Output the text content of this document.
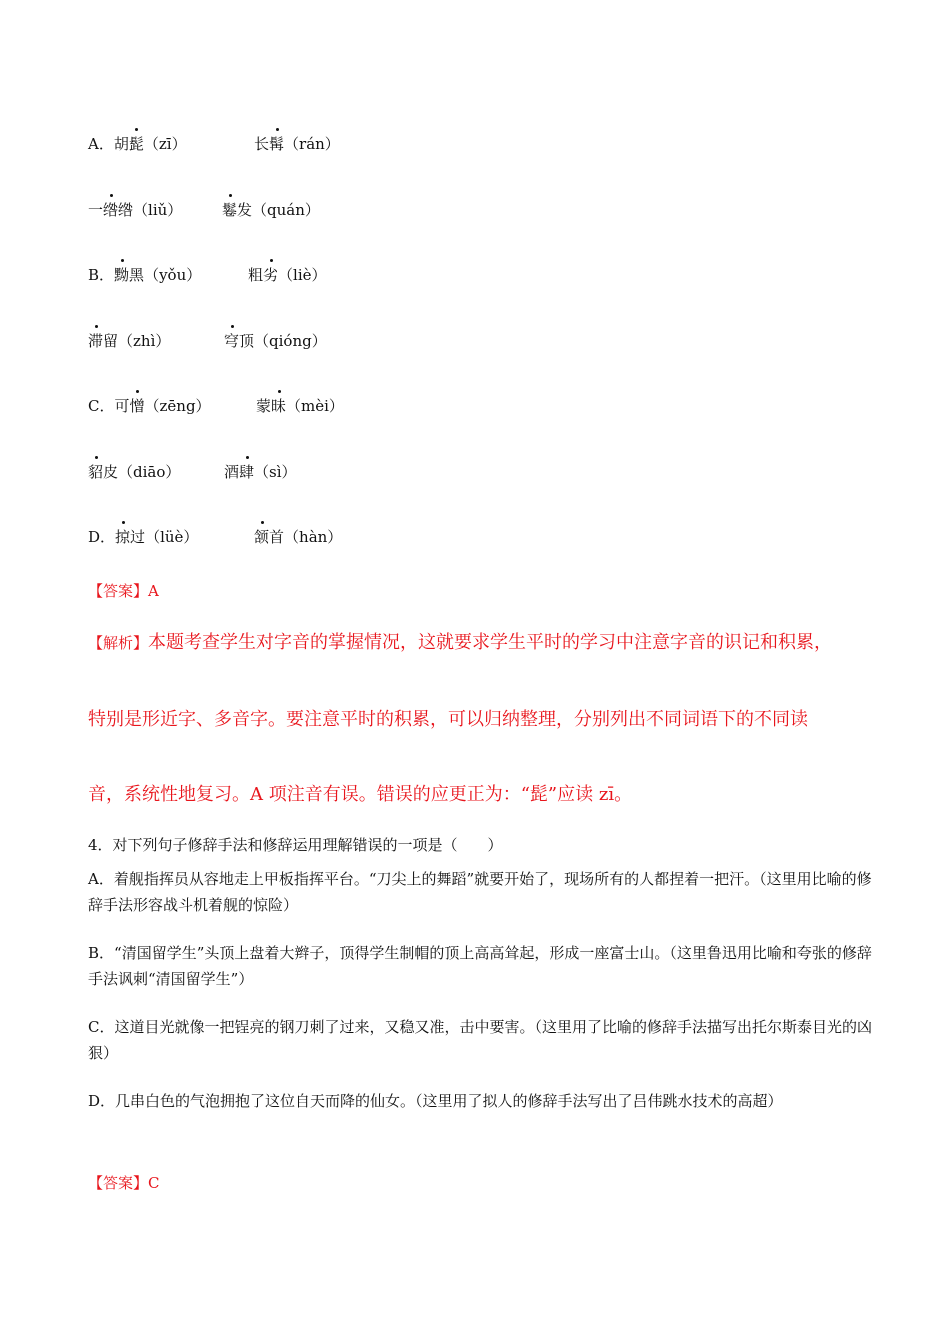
A．胡髭（zī）	长髯（rán）
一绺绺（liǔ）	鬈发（quán）
B．黝黑（yǒu）	粗劣（liè）
滞留（zhì）	穹顶（qióng）
C．可憎（zēng）	蒙昧（mèi）
貂皮（diāo）	酒肆（sì）
D．掠过（lüè）	颔首（hàn）
【答案】A
【解析】本题考查学生对字音的掌握情况，这就要求学生平时的学习中注意字音的识记和积累，
特别是形近字、多音字。要注意平时的积累，可以归纳整理，分别列出不同词语下的不同读
音，系统性地复习。A 项注音有误。错误的应更正为：“髭”应读 zī。
4．对下列句子修辞手法和修辞运用理解错误的一项是（　　）
A．着舰指挥员从容地走上甲板指挥平台。“刀尖上的舞蹈”就要开始了，现场所有的人都捏着一把汗。（这里用比喻的修辞手法形容战斗机着舰的惊险）
B．“清国留学生”头顶上盘着大辫子，顶得学生制帽的顶上高高耸起，形成一座富士山。（这里鲁迅用比喻和夸张的修辞手法讽刺“清国留学生”）
C．这道目光就像一把锃亮的钢刀刺了过来，又稳又准，击中要害。（这里用了比喻的修辞手法描写出托尔斯泰目光的凶狠）
D．几串白色的气泡拥抱了这位自天而降的仙女。（这里用了拟人的修辞手法写出了吕伟跳水技术的高超）
【答案】C
